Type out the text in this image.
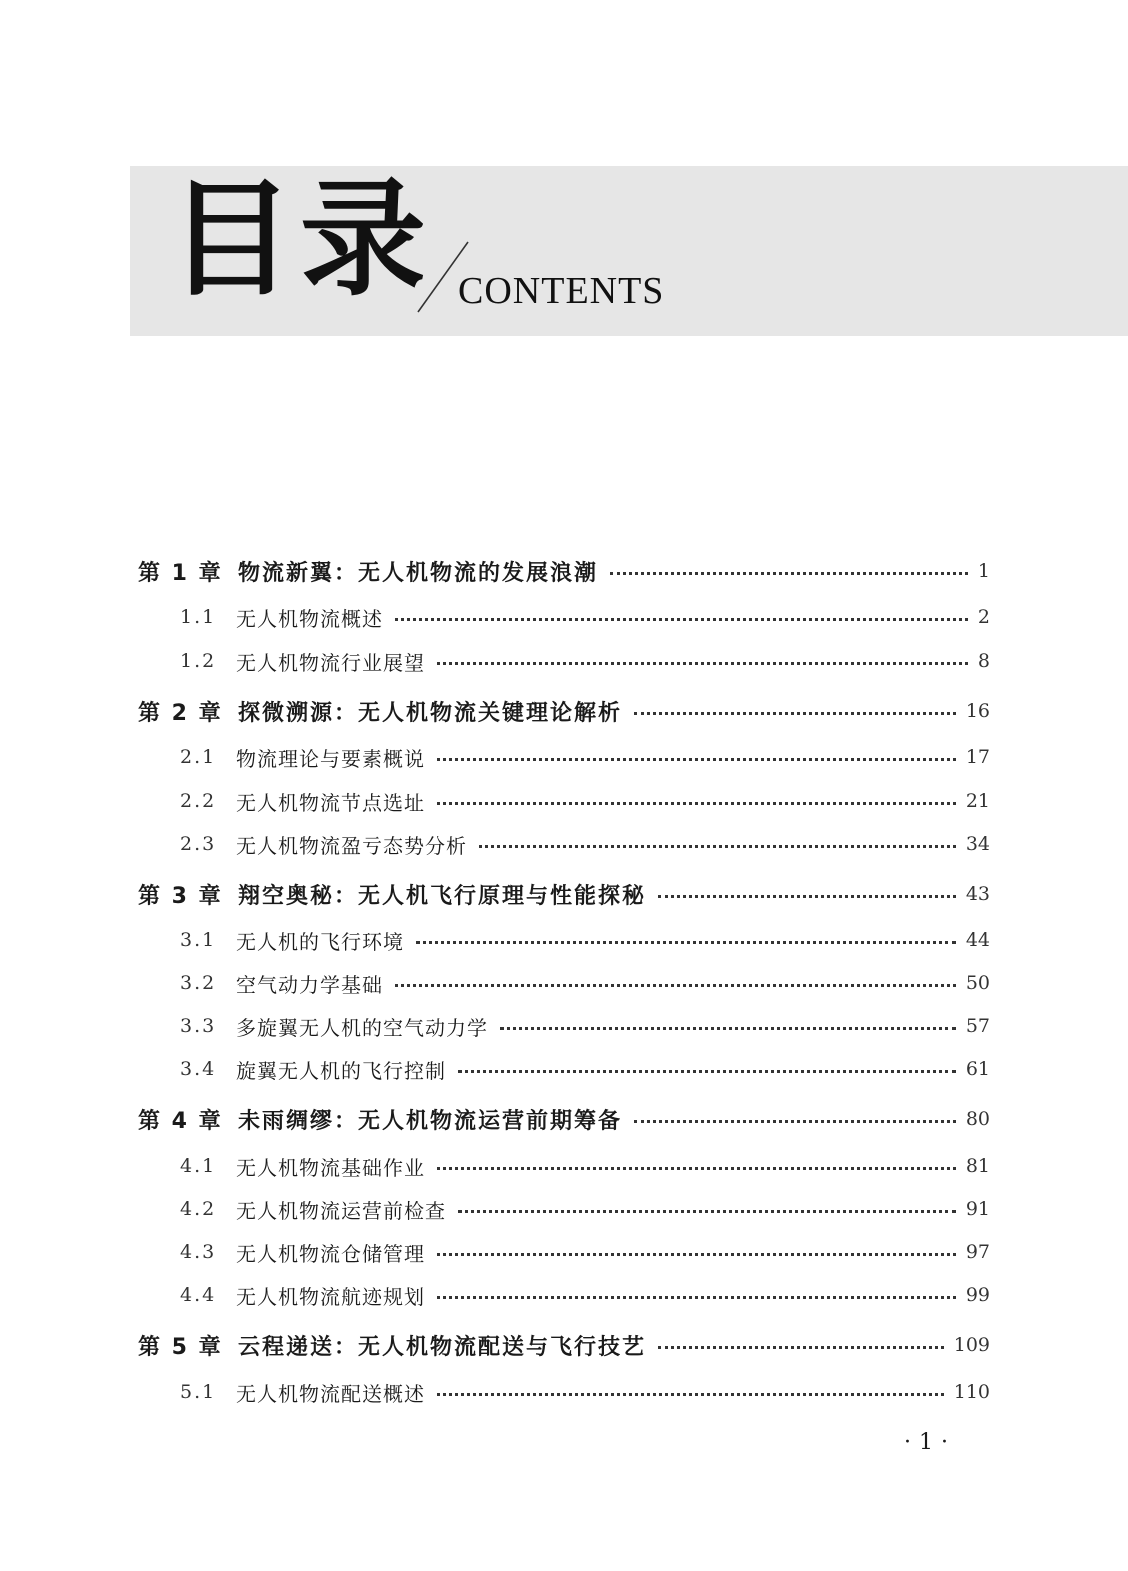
目录 CONTENTS
第 1 章 物流新翼：无人机物流的发展浪潮	1
1.1 无人机物流概述	2
1.2 无人机物流行业展望	8
第 2 章 探微溯源：无人机物流关键理论解析	16
2.1 物流理论与要素概说	17
2.2 无人机物流节点选址	21
2.3 无人机物流盈亏态势分析	34
第 3 章 翔空奥秘：无人机飞行原理与性能探秘	43
3.1 无人机的飞行环境	44
3.2 空气动力学基础	50
3.3 多旋翼无人机的空气动力学	57
3.4 旋翼无人机的飞行控制	61
第 4 章 未雨绸缪：无人机物流运营前期筹备	80
4.1 无人机物流基础作业	81
4.2 无人机物流运营前检查	91
4.3 无人机物流仓储管理	97
4.4 无人机物流航迹规划	99
第 5 章 云程递送：无人机物流配送与飞行技艺	109
5.1 无人机物流配送概述	110
·1·
